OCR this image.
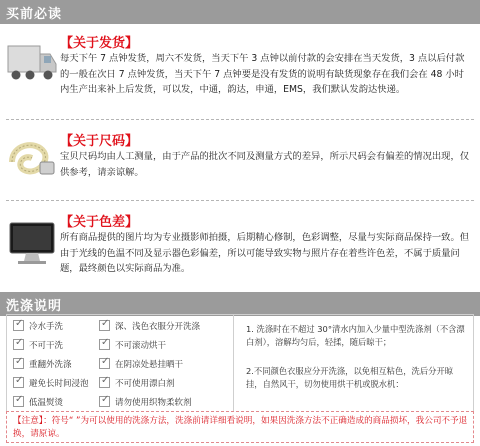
买前必读
【关于发货】
每天下午 7 点钟发货，周六不发货，当天下午 3 点钟以前付款的会安排在当天发货，3 点以后付款的一般在次日 7 点钟发货，当天下午 7 点钟要是没有发货的说明有缺货现象存在我们会在 48 小时内生产出来补上后发货，可以发，中通，韵达，申通，EMS，我们默认发韵达快递。
【关于尺码】
宝贝尺码均由人工测量，由于产品的批次不同及测量方式的差异，所示尺码会有偏差的情况出现，仅供参考，请亲谅解。
【关于色差】
所有商品提供的图片均为专业摄影师拍摄，后期精心修制，色彩调整，尽量与实际商品保持一致。但由于光线的色温不同及显示器色彩偏差，所以可能导致实物与照片存在着些许色差，不属于质量问题，最终颜色以实际商品为准。
洗涤说明
✓
冷水手洗
✓
不可干洗
✓
重翻外洗涤
✓
避免长时间浸泡
✓
低温熨烫
✓
深、浅色衣服分开洗涤
✓
不可滚动烘干
✓
在阴凉处悬挂晒干
✓
不可使用漂白剂
✓
请勿使用织物柔软剂
1. 洗涤时在不超过 30°清水内加入少量中型洗涤剂（不含漂白剂），溶解均匀后，轻揉，随后晾干；
2.不同颜色衣服应分开洗涤，以免相互粘色，洗后分开晾挂，自然风干，切勿使用烘干机或脱水机：
【注意】：符号“ ”为可以使用的洗涤方法，洗涤前请详细看说明，如果因洗涤方法不正确造成的商品损坏，我公司不予退换，请原谅。
